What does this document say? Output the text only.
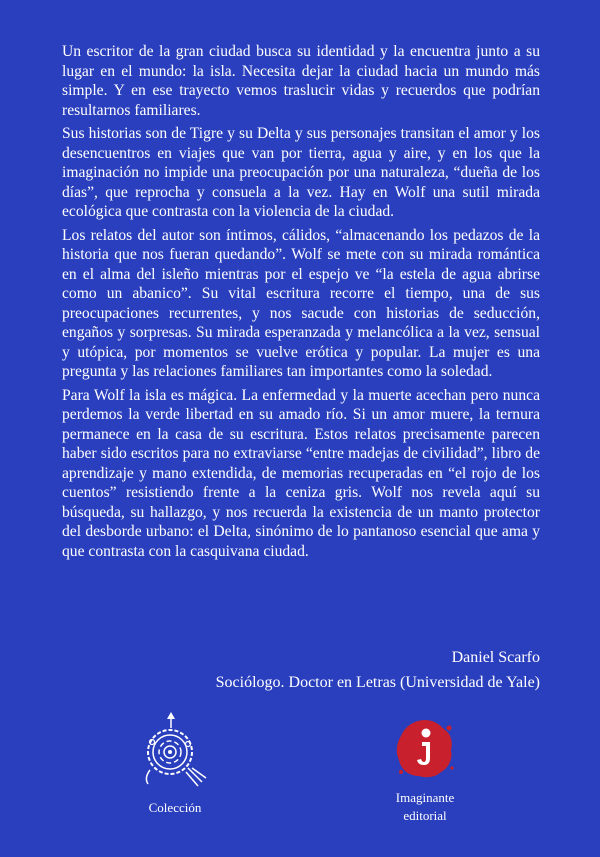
Un escritor de la gran ciudad busca su identidad y la encuentra junto a su lugar en el mundo: la isla. Necesita dejar la ciudad hacia un mundo más simple. Y en ese trayecto vemos traslucir vidas y recuerdos que podrían resultarnos familiares.

Sus historias son de Tigre y su Delta y sus personajes transitan el amor y los desencuentros en viajes que van por tierra, agua y aire, y en los que la imaginación no impide una preocupación por una naturaleza, “dueña de los días”, que reprocha y consuela a la vez. Hay en Wolf una sutil mirada ecológica que contrasta con la violencia de la ciudad.

Los relatos del autor son íntimos, cálidos, “almacenando los pedazos de la historia que nos fueran quedando”. Wolf se mete con su mirada romántica en el alma del isleño mientras por el espejo ve “la estela de agua abrirse como un abanico”. Su vital escritura recorre el tiempo, una de sus preocupaciones recurrentes, y nos sacude con historias de seducción, engaños y sorpresas. Su mirada esperanzada y melancólica a la vez, sensual y utópica, por momentos se vuelve erótica y popular. La mujer es una pregunta y las relaciones familiares tan importantes como la soledad.

Para Wolf la isla es mágica. La enfermedad y la muerte acechan pero nunca perdemos la verde libertad en su amado río. Si un amor muere, la ternura permanece en la casa de su escritura. Estos relatos precisamente parecen haber sido escritos para no extraviarse “entre madejas de civilidad”, libro de aprendizaje y mano extendida, de memorias recuperadas en “el rojo de los cuentos” resistiendo frente a la ceniza gris. Wolf nos revela aquí su búsqueda, su hallazgo, y nos recuerda la existencia de un manto protector del desborde urbano: el Delta, sinónimo de lo pantanoso esencial que ama y que contrasta con la casquivana ciudad.

Daniel Scarfo
Sociólogo. Doctor en Letras (Universidad de Yale)
Colección
Imaginante
editorial
